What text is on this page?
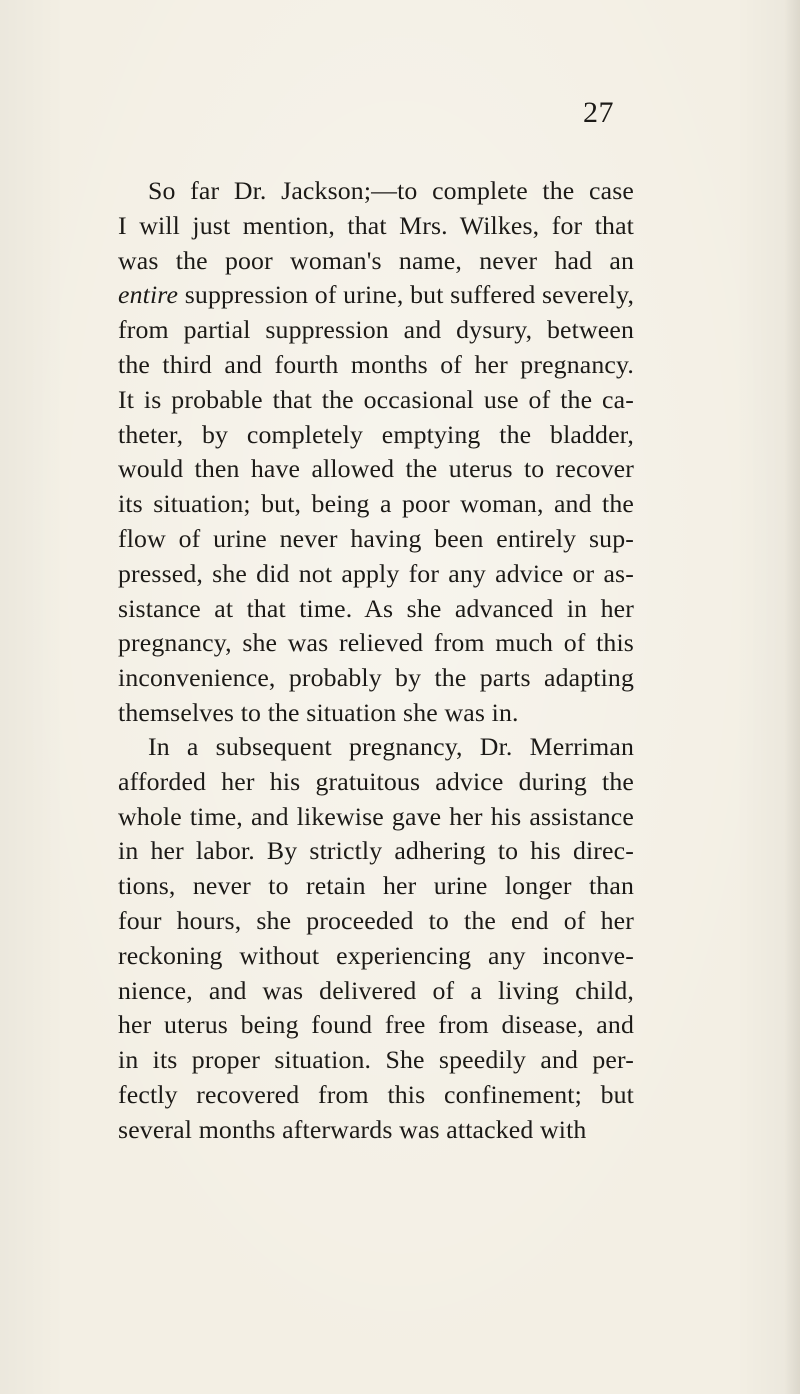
27
So far Dr. Jackson;—to complete the case
I will just mention, that Mrs. Wilkes, for that
was the poor woman's name, never had an
entire suppression of urine, but suffered severely,
from partial suppression and dysury, between
the third and fourth months of her pregnancy.
It is probable that the occasional use of the ca-
theter, by completely emptying the bladder,
would then have allowed the uterus to recover
its situation; but, being a poor woman, and the
flow of urine never having been entirely sup-
pressed, she did not apply for any advice or as-
sistance at that time. As she advanced in her
pregnancy, she was relieved from much of this
inconvenience, probably by the parts adapting
themselves to the situation she was in.
In a subsequent pregnancy, Dr. Merriman
afforded her his gratuitous advice during the
whole time, and likewise gave her his assistance
in her labor. By strictly adhering to his direc-
tions, never to retain her urine longer than
four hours, she proceeded to the end of her
reckoning without experiencing any inconve-
nience, and was delivered of a living child,
her uterus being found free from disease, and
in its proper situation. She speedily and per-
fectly recovered from this confinement; but
several months afterwards was attacked with
